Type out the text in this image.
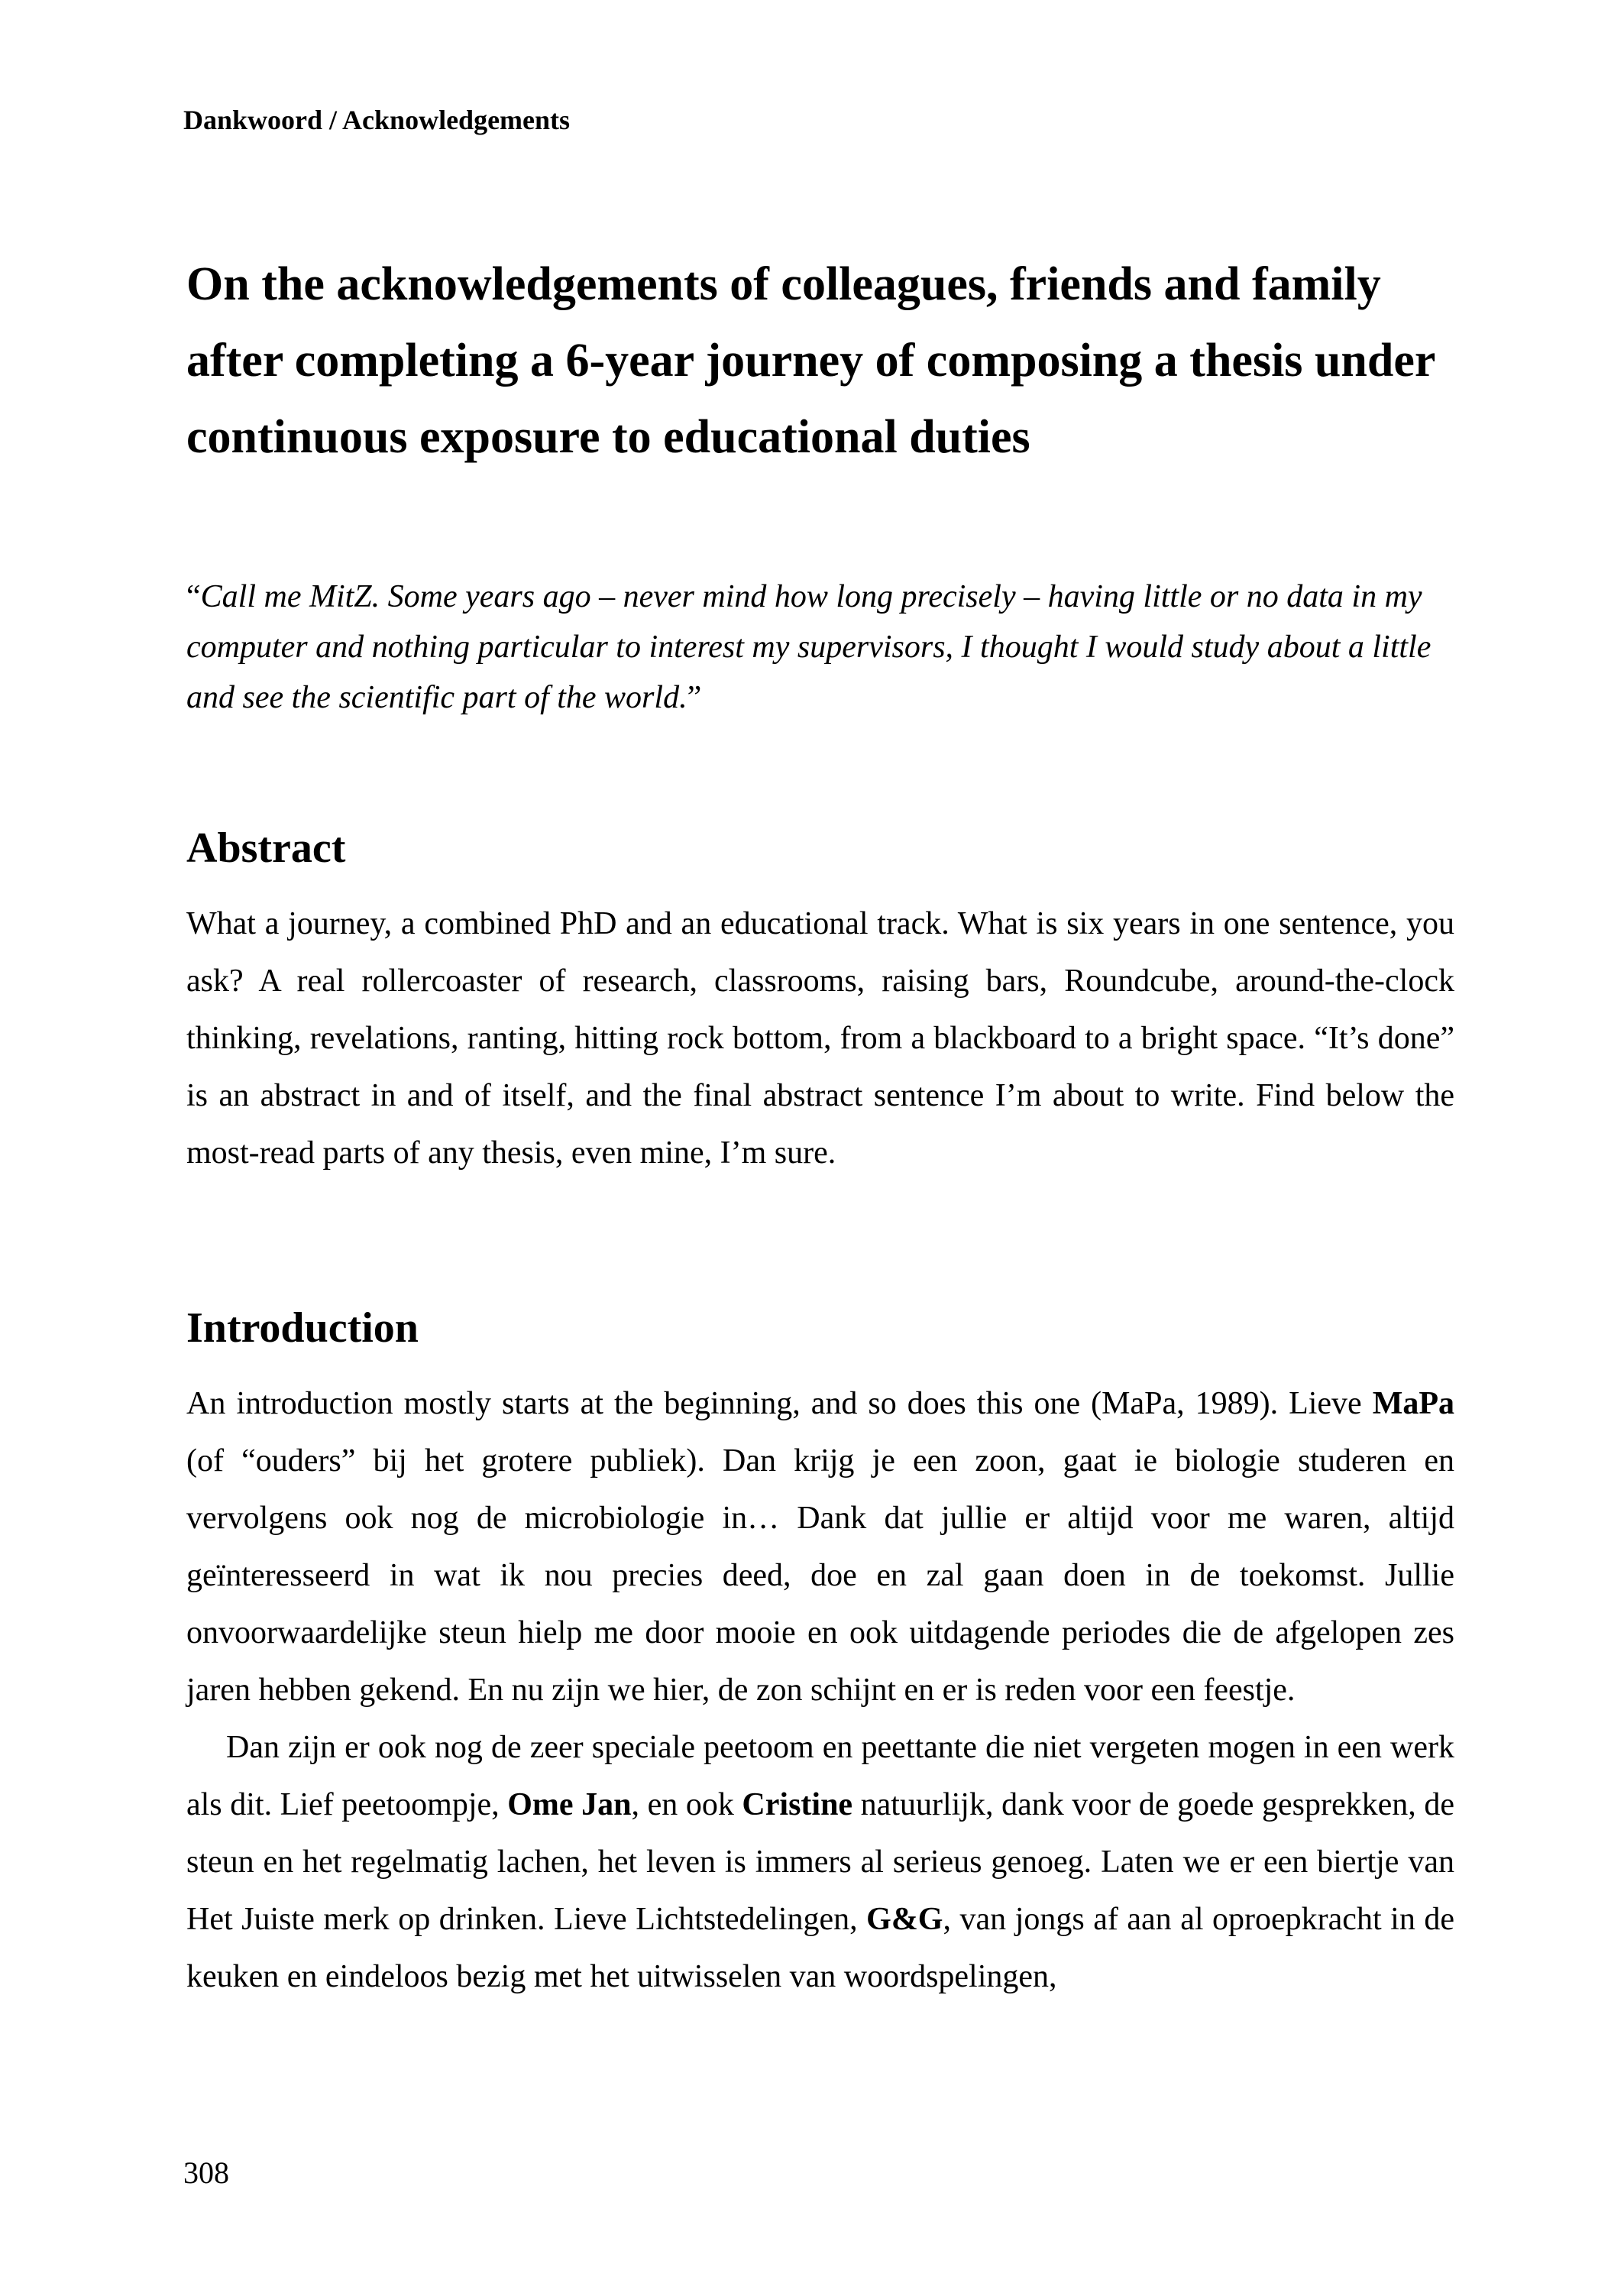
Dankwoord / Acknowledgements

On the acknowledgements of colleagues, friends and family after completing a 6-year journey of composing a thesis under continuous exposure to educational duties

“Call me MitZ. Some years ago – never mind how long precisely – having little or no data in my computer and nothing particular to interest my supervisors, I thought I would study about a little and see the scientific part of the world.”

Abstract

What a journey, a combined PhD and an educational track. What is six years in one sentence, you ask? A real rollercoaster of research, classrooms, raising bars, Roundcube, around-the-clock thinking, revelations, ranting, hitting rock bottom, from a blackboard to a bright space. “It’s done” is an abstract in and of itself, and the final abstract sentence I’m about to write. Find below the most-read parts of any thesis, even mine, I’m sure.

Introduction

An introduction mostly starts at the beginning, and so does this one (MaPa, 1989). Lieve MaPa (of “ouders” bij het grotere publiek). Dan krijg je een zoon, gaat ie biologie studeren en vervolgens ook nog de microbiologie in… Dank dat jullie er altijd voor me waren, altijd geïnteresseerd in wat ik nou precies deed, doe en zal gaan doen in de toekomst. Jullie onvoorwaardelijke steun hielp me door mooie en ook uitdagende periodes die de afgelopen zes jaren hebben gekend. En nu zijn we hier, de zon schijnt en er is reden voor een feestje.

Dan zijn er ook nog de zeer speciale peetoom en peettante die niet vergeten mogen in een werk als dit. Lief peetoompje, Ome Jan, en ook Cristine natuurlijk, dank voor de goede gesprekken, de steun en het regelmatig lachen, het leven is immers al serieus genoeg. Laten we er een biertje van Het Juiste merk op drinken. Lieve Lichtstedelingen, G&G, van jongs af aan al oproepkracht in de keuken en eindeloos bezig met het uitwisselen van woordspelingen,

308
